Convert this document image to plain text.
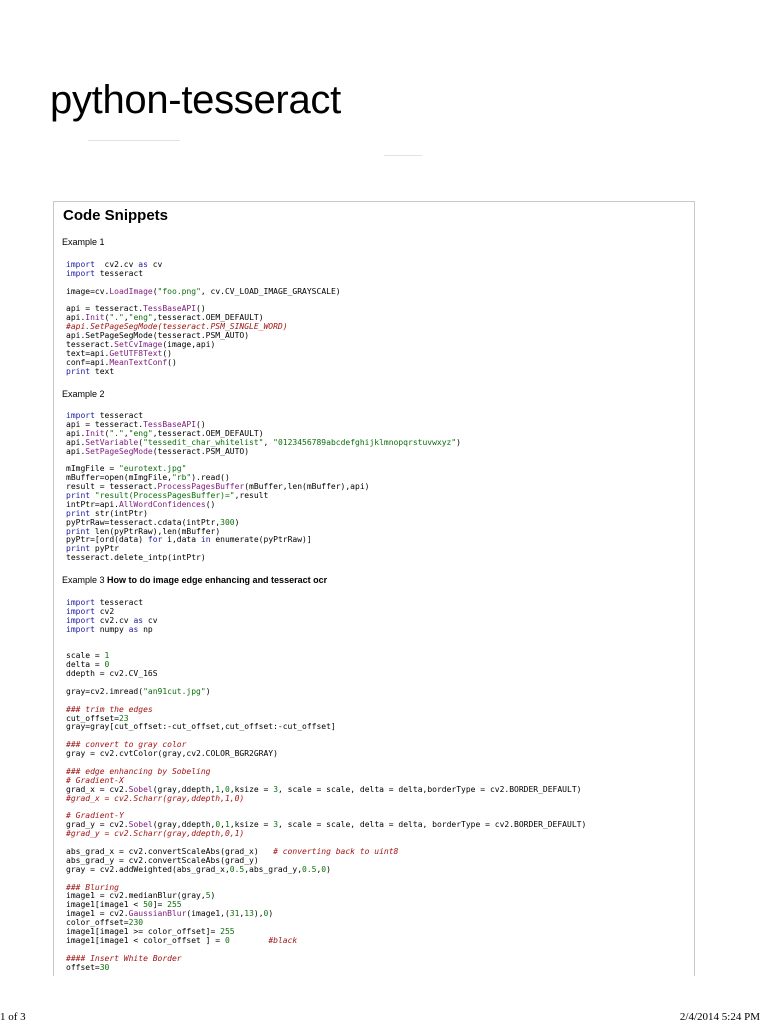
python-tesseract
Code Snippets
Example 1
import  cv2.cv as cv
import tesseract
image=cv.LoadImage("foo.png", cv.CV_LOAD_IMAGE_GRAYSCALE)
api = tesseract.TessBaseAPI()
api.Init(".","eng",tesseract.OEM_DEFAULT)
#api.SetPageSegMode(tesseract.PSM_SINGLE_WORD)
api.SetPageSegMode(tesseract.PSM_AUTO)
tesseract.SetCvImage(image,api)
text=api.GetUTF8Text()
conf=api.MeanTextConf()
print text
Example 2
import tesseract
api = tesseract.TessBaseAPI()
api.Init(".","eng",tesseract.OEM_DEFAULT)
api.SetVariable("tessedit_char_whitelist", "0123456789abcdefghijklmnopqrstuvwxyz")
api.SetPageSegMode(tesseract.PSM_AUTO)
mImgFile = "eurotext.jpg"
mBuffer=open(mImgFile,"rb").read()
result = tesseract.ProcessPagesBuffer(mBuffer,len(mBuffer),api)
print "result(ProcessPagesBuffer)=",result
intPtr=api.AllWordConfidences()
print str(intPtr)
pyPtrRaw=tesseract.cdata(intPtr,300)
print len(pyPtrRaw),len(mBuffer)
pyPtr=[ord(data) for i,data in enumerate(pyPtrRaw)]
print pyPtr
tesseract.delete_intp(intPtr)
Example 3 How to do image edge enhancing and tesseract ocr
import tesseract
import cv2
import cv2.cv as cv
import numpy as np
scale = 1
delta = 0
ddepth = cv2.CV_16S
gray=cv2.imread("an91cut.jpg")
### trim the edges
cut_offset=23
gray=gray[cut_offset:-cut_offset,cut_offset:-cut_offset]
### convert to gray color
gray = cv2.cvtColor(gray,cv2.COLOR_BGR2GRAY)
### edge enhancing by Sobeling
# Gradient-X
grad_x = cv2.Sobel(gray,ddepth,1,0,ksize = 3, scale = scale, delta = delta,borderType = cv2.BORDER_DEFAULT)
#grad_x = cv2.Scharr(gray,ddepth,1,0)
# Gradient-Y
grad_y = cv2.Sobel(gray,ddepth,0,1,ksize = 3, scale = scale, delta = delta, borderType = cv2.BORDER_DEFAULT)
#grad_y = cv2.Scharr(gray,ddepth,0,1)
abs_grad_x = cv2.convertScaleAbs(grad_x)   # converting back to uint8
abs_grad_y = cv2.convertScaleAbs(grad_y)
gray = cv2.addWeighted(abs_grad_x,0.5,abs_grad_y,0.5,0)
### Bluring
image1 = cv2.medianBlur(gray,5)
image1[image1 < 50]= 255
image1 = cv2.GaussianBlur(image1,(31,13),0)
color_offset=230
image1[image1 >= color_offset]= 255
image1[image1 < color_offset ] = 0	#black
#### Insert White Border
offset=30
1 of 3	2/4/2014 5:24 PM
